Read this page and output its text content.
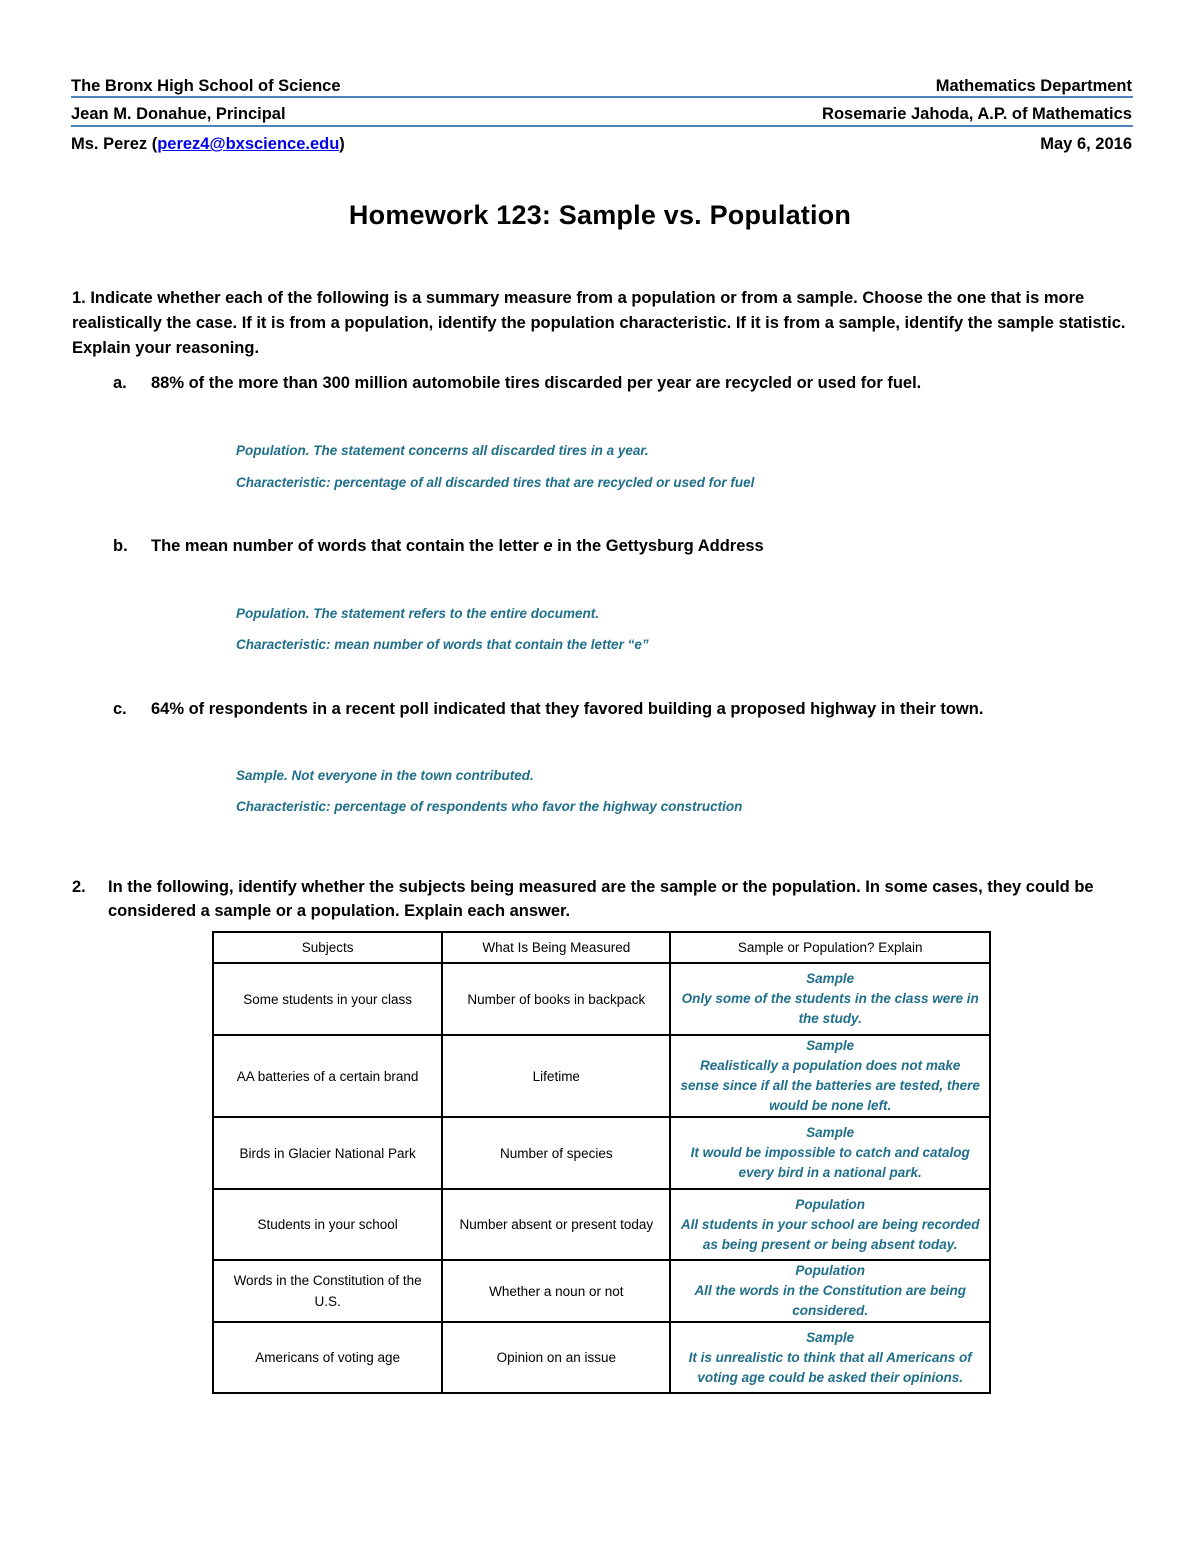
The Bronx High School of Science	Mathematics Department
Jean M. Donahue, Principal	Rosemarie Jahoda, A.P. of Mathematics
Ms. Perez (perez4@bxscience.edu)	May 6, 2016
Homework 123: Sample vs. Population
1. Indicate whether each of the following is a summary measure from a population or from a sample. Choose the one that is more realistically the case. If it is from a population, identify the population characteristic. If it is from a sample, identify the sample statistic. Explain your reasoning.
a. 88% of the more than 300 million automobile tires discarded per year are recycled or used for fuel.
Population. The statement concerns all discarded tires in a year.
Characteristic: percentage of all discarded tires that are recycled or used for fuel
b. The mean number of words that contain the letter e in the Gettysburg Address
Population. The statement refers to the entire document.
Characteristic: mean number of words that contain the letter “e”
c. 64% of respondents in a recent poll indicated that they favored building a proposed highway in their town.
Sample. Not everyone in the town contributed.
Characteristic: percentage of respondents who favor the highway construction
2. In the following, identify whether the subjects being measured are the sample or the population. In some cases, they could be considered a sample or a population. Explain each answer.
Subjects	What Is Being Measured	Sample or Population? Explain
Some students in your class	Number of books in backpack	Sample
Only some of the students in the class were in the study.
AA batteries of a certain brand	Lifetime	Sample
Realistically a population does not make sense since if all the batteries are tested, there would be none left.
Birds in Glacier National Park	Number of species	Sample
It would be impossible to catch and catalog every bird in a national park.
Students in your school	Number absent or present today	Population
All students in your school are being recorded as being present or being absent today.
Words in the Constitution of the U.S.	Whether a noun or not	Population
All the words in the Constitution are being considered.
Americans of voting age	Opinion on an issue	Sample
It is unrealistic to think that all Americans of voting age could be asked their opinions.
